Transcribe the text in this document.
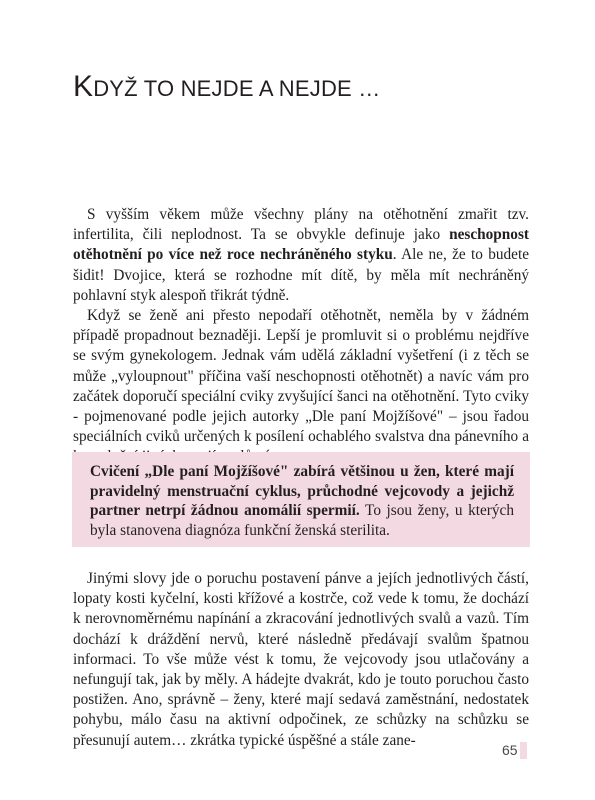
KDYŽ TO NEJDE A NEJDE …

S vyšším věkem může všechny plány na otěhotnění zmařit tzv. infertilita, čili neplodnost. Ta se obvykle definuje jako neschopnost otěhotnění po více než roce nechráněného styku. Ale ne, že to budete šidit! Dvojice, která se rozhodne mít dítě, by měla mít nechráněný pohlavní styk alespoň třikrát týdně.

Když se ženě ani přesto nepodaří otěhotnět, neměla by v žádném případě propadnout beznaději. Lepší je promluvit si o problému nejdříve se svým gynekologem. Jednak vám udělá základní vyšetření (i z těch se může „vyloupnout" příčina vaší neschopnosti otěhotnět) a navíc vám pro začátek doporučí speciální cviky zvyšující šanci na otěhotnění. Tyto cviky - pojmenované podle jejich autorky „Dle paní Mojžíšové" – jsou řadou speciálních cviků určených k posílení ochablého svalstva dna pánevního a

Cvičení „Dle paní Mojžíšové" zabírá většinou u žen, které mají pravidelný menstruační cyklus, průchodné vejcovody a jejichž partner netrpí žádnou anomálií spermií. To jsou ženy, u kterých byla stanovena diagnóza funkční ženská sterilita.

Jinými slovy jde o poruchu postavení pánve a jejích jednotlivých částí, lopaty kosti kyčelní, kosti křížové a kostrče, což vede k tomu, že dochází k nerovnoměrnému napínání a zkracování jednotlivých svalů a vazů. Tím dochází k dráždění nervů, které následně předávají svalům špatnou informaci. To vše může vést k tomu, že vejcovody jsou utlačovány a nefungují tak, jak by měly. A hádejte dvakrát, kdo je touto poruchou často postižen. Ano, správně – ženy, které mají sedavá zaměstnání, nedostatek pohybu, málo času na aktivní odpočinek, ze schůzky na schůzku se přesunují autem… zkrátka typické úspěšné a stále zane-

65
